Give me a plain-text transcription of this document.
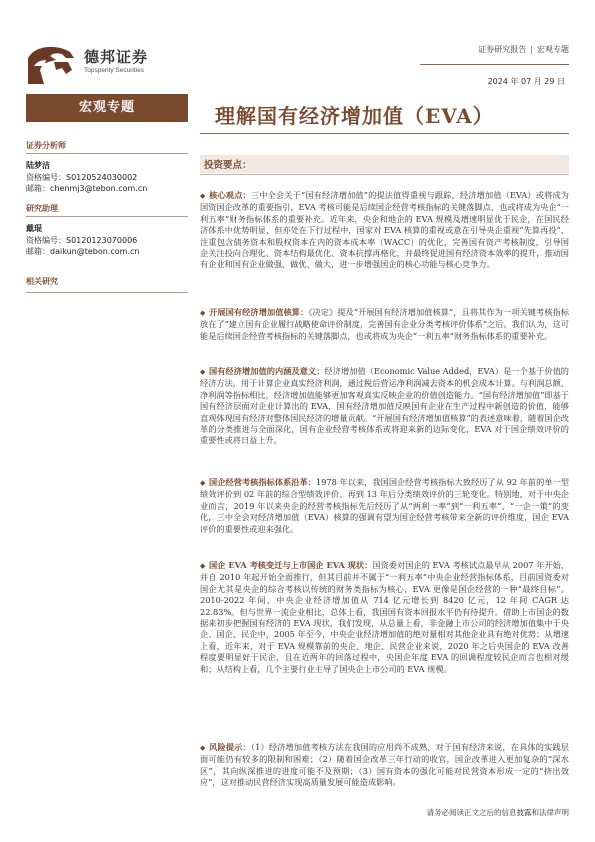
德邦证券
Topsperity Securities
证券研究报告 | 宏观专题
2024 年 07 月 29 日
宏观专题
证券分析师
陆梦洁
资格编号：S0120524030002
邮箱：chenmj3@tebon.com.cn
研究助理
戴琨
资格编号：S0120123070006
邮箱：daikun@tebon.com.cn
相关研究
理解国有经济增加值（EVA）
投资要点：
◆ 核心观点：三中全会关于“国有经济增加值”的提法值得重视与跟踪，经济增加值（EVA）或将成为国资国企改革的重要指引，EVA 考核可能是后续国企经营考核指标的关键落脚点，也或将成为央企“一利五率”财务指标体系的重要补充。近年来，央企和地企的 EVA 规模及增速明显优于民企，在国民经济体系中优势明显，但亦处在下行过程中，国家对 EVA 核算的重视或意在引导央企重视“先算再投”，注重包含债务资本和股权资本在内的资本成本率（WACC）的优化，完善国有资产考核制度，引导国企关注投向合理化、资本结构最优化、资本抗撑再格化，并最终促进国有经济资本效率的提升，推动国有企业和国有企业做强、做优、做大，进一步增强国企的核心功能与核心竞争力。
◆ 开展国有经济增加值核算：《决定》提及“开展国有经济增加值核算”，且将其作为一项关键考核指标放在了“建立国有企业履行战略使命评价制度，完善国有企业分类考核评价体系”之后。我们认为，这可能是后续国企经营考核指标的关键落脚点，也或将成为央企“一利五率”财务指标体系的重要补充。
◆ 国有经济增加值的内涵及意义：经济增加值（Economic Value Added，EVA）是一个基于价值的经济方法，用于计算企业真实经济利润，通过税后营运净利润减去资本的机会成本计算。与利润总额、净利润等指标相比，经济增加值能够更加客观真实反映企业的价值创造能力。“国有经济增加值”即基于国有经济层面对企业计算出的 EVA，国有经济增加值反映国有企业在生产过程中新创造的价值，能够直观体现国有经济对整体国民经济的增量贡献。“开展国有经济增加值核算”的表述意味着，随着国企改革的分类推进与全面深化，国有企业经营考核体系或将迎来新的边际变化，EVA 对于国企绩效评价的重要性或将日益上升。
◆ 国企经营考核指标体系沿革：1978 年以来，我国国企经营考核指标大致经历了从 92 年前的单一型绩效评价到 02 年前的综合型绩效评价、再到 13 年后分类绩效评价的三轮变化。特别地，对于中央企业而言，2019 年以来央企的经营考核指标先后经历了从“两利一率”到“一利五率”、“一企一策”的变化，三中全会对经济增加值（EVA）核算的强调有望为国企经营考核带来全新的评价维度，国企 EVA 评价的重要性或迎来强化。
◆ 国企 EVA 考核变迁与上市国企 EVA 现状：国资委对国企的 EVA 考核试点最早从 2007 年开始，并自 2010 年起开始全面推行，但其目前并不属于“一利五率”中央企业经营指标体系，目前国资委对国企尤其是央企的综合考核以传统的财务类指标为核心，EVA 更像是国企经营的一种“最终目标”。2010-2022 年间，中央企业经济增加值从 714 亿元增长到 8420 亿元，12 年间 CAGR 达 22.83%。但与世界一流企业相比，总体上看，我国国有资本回报水平仍有待提升。借助上市国企的数据来初步把握国有经济的 EVA 现状，我们发现，从总量上看，非金融上市公司的经济增加值集中于央企、国企、民企中，2005 年至今，中央企业经济增加值的绝对量相对其他企业具有绝对优势；从增速上看，近年来，对于 EVA 规模靠前的央企、地企、民营企业来说，2020 年之后央国企的 EVA 改善程度要明显好于民企，且在近两年的回落过程中，央国企年度 EVA 的回调程度较民企而言也相对缓和；从结构上看，几个主要行业主导了国央企上市公司的 EVA 规模。
◆ 风险提示：（1）经济增加值考核方法在我国的应用尚不成熟，对于国有经济来说，在具体的实践层面可能仍有较多的限制和困难；（2）随着国企改革三年行动的收官，国企改革进入更加复杂的“深水区”，其向纵深推进的进度可能不及预期；（3）国有资本的强化可能对民营资本形成一定的“挤出效应”，这对推动民营经济实现高质量发展可能造成影响。
请务必阅读正文之后的信息披露和法律声明
